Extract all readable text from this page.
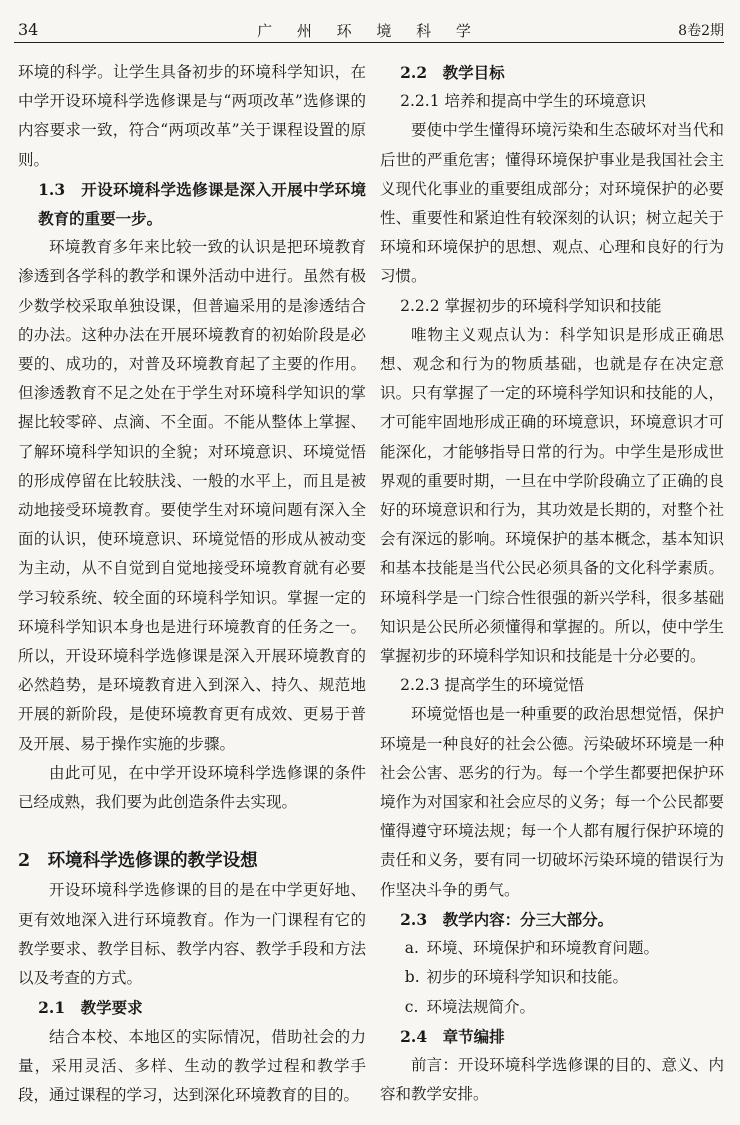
34	广 州 环 境 科 学	8卷2期

环境的科学。让学生具备初步的环境科学知识，在中学开设环境科学选修课是与“两项改革”选修课的内容要求一致，符合“两项改革”关于课程设置的原则。

1.3　开设环境科学选修课是深入开展中学环境教育的重要一步。

环境教育多年来比较一致的认识是把环境教育渗透到各学科的教学和课外活动中进行。虽然有极少数学校采取单独设课，但普遍采用的是渗透结合的办法。这种办法在开展环境教育的初始阶段是必要的、成功的，对普及环境教育起了主要的作用。但渗透教育不足之处在于学生对环境科学知识的掌握比较零碎、点滴、不全面。不能从整体上掌握、了解环境科学知识的全貌；对环境意识、环境觉悟的形成停留在比较肤浅、一般的水平上，而且是被动地接受环境教育。要使学生对环境问题有深入全面的认识，使环境意识、环境觉悟的形成从被动变为主动，从不自觉到自觉地接受环境教育就有必要学习较系统、较全面的环境科学知识。掌握一定的环境科学知识本身也是进行环境教育的任务之一。所以，开设环境科学选修课是深入开展环境教育的必然趋势，是环境教育进入到深入、持久、规范地开展的新阶段，是使环境教育更有成效、更易于普及开展、易于操作实施的步骤。

由此可见，在中学开设环境科学选修课的条件已经成熟，我们要为此创造条件去实现。

2　环境科学选修课的教学设想

开设环境科学选修课的目的是在中学更好地、更有效地深入进行环境教育。作为一门课程有它的教学要求、教学目标、教学内容、教学手段和方法以及考查的方式。

2.1　教学要求

结合本校、本地区的实际情况，借助社会的力量，采用灵活、多样、生动的教学过程和教学手段，通过课程的学习，达到深化环境教育的目的。

2.2　教学目标

2.2.1 培养和提高中学生的环境意识

要使中学生懂得环境污染和生态破坏对当代和后世的严重危害；懂得环境保护事业是我国社会主义现代化事业的重要组成部分；对环境保护的必要性、重要性和紧迫性有较深刻的认识；树立起关于环境和环境保护的思想、观点、心理和良好的行为习惯。

2.2.2 掌握初步的环境科学知识和技能

唯物主义观点认为：科学知识是形成正确思想、观念和行为的物质基础，也就是存在决定意识。只有掌握了一定的环境科学知识和技能的人，才可能牢固地形成正确的环境意识，环境意识才可能深化，才能够指导日常的行为。中学生是形成世界观的重要时期，一旦在中学阶段确立了正确的良好的环境意识和行为，其功效是长期的，对整个社会有深远的影响。环境保护的基本概念，基本知识和基本技能是当代公民必须具备的文化科学素质。环境科学是一门综合性很强的新兴学科，很多基础知识是公民所必须懂得和掌握的。所以，使中学生掌握初步的环境科学知识和技能是十分必要的。

2.2.3 提高学生的环境觉悟

环境觉悟也是一种重要的政治思想觉悟，保护环境是一种良好的社会公德。污染破坏环境是一种社会公害、恶劣的行为。每一个学生都要把保护环境作为对国家和社会应尽的义务；每一个公民都要懂得遵守环境法规；每一个人都有履行保护环境的责任和义务，要有同一切破坏污染环境的错误行为作坚决斗争的勇气。

2.3　教学内容：分三大部分。

a. 环境、环境保护和环境教育问题。

b. 初步的环境科学知识和技能。

c. 环境法规简介。

2.4　章节编排

前言：开设环境科学选修课的目的、意义、内容和教学安排。
